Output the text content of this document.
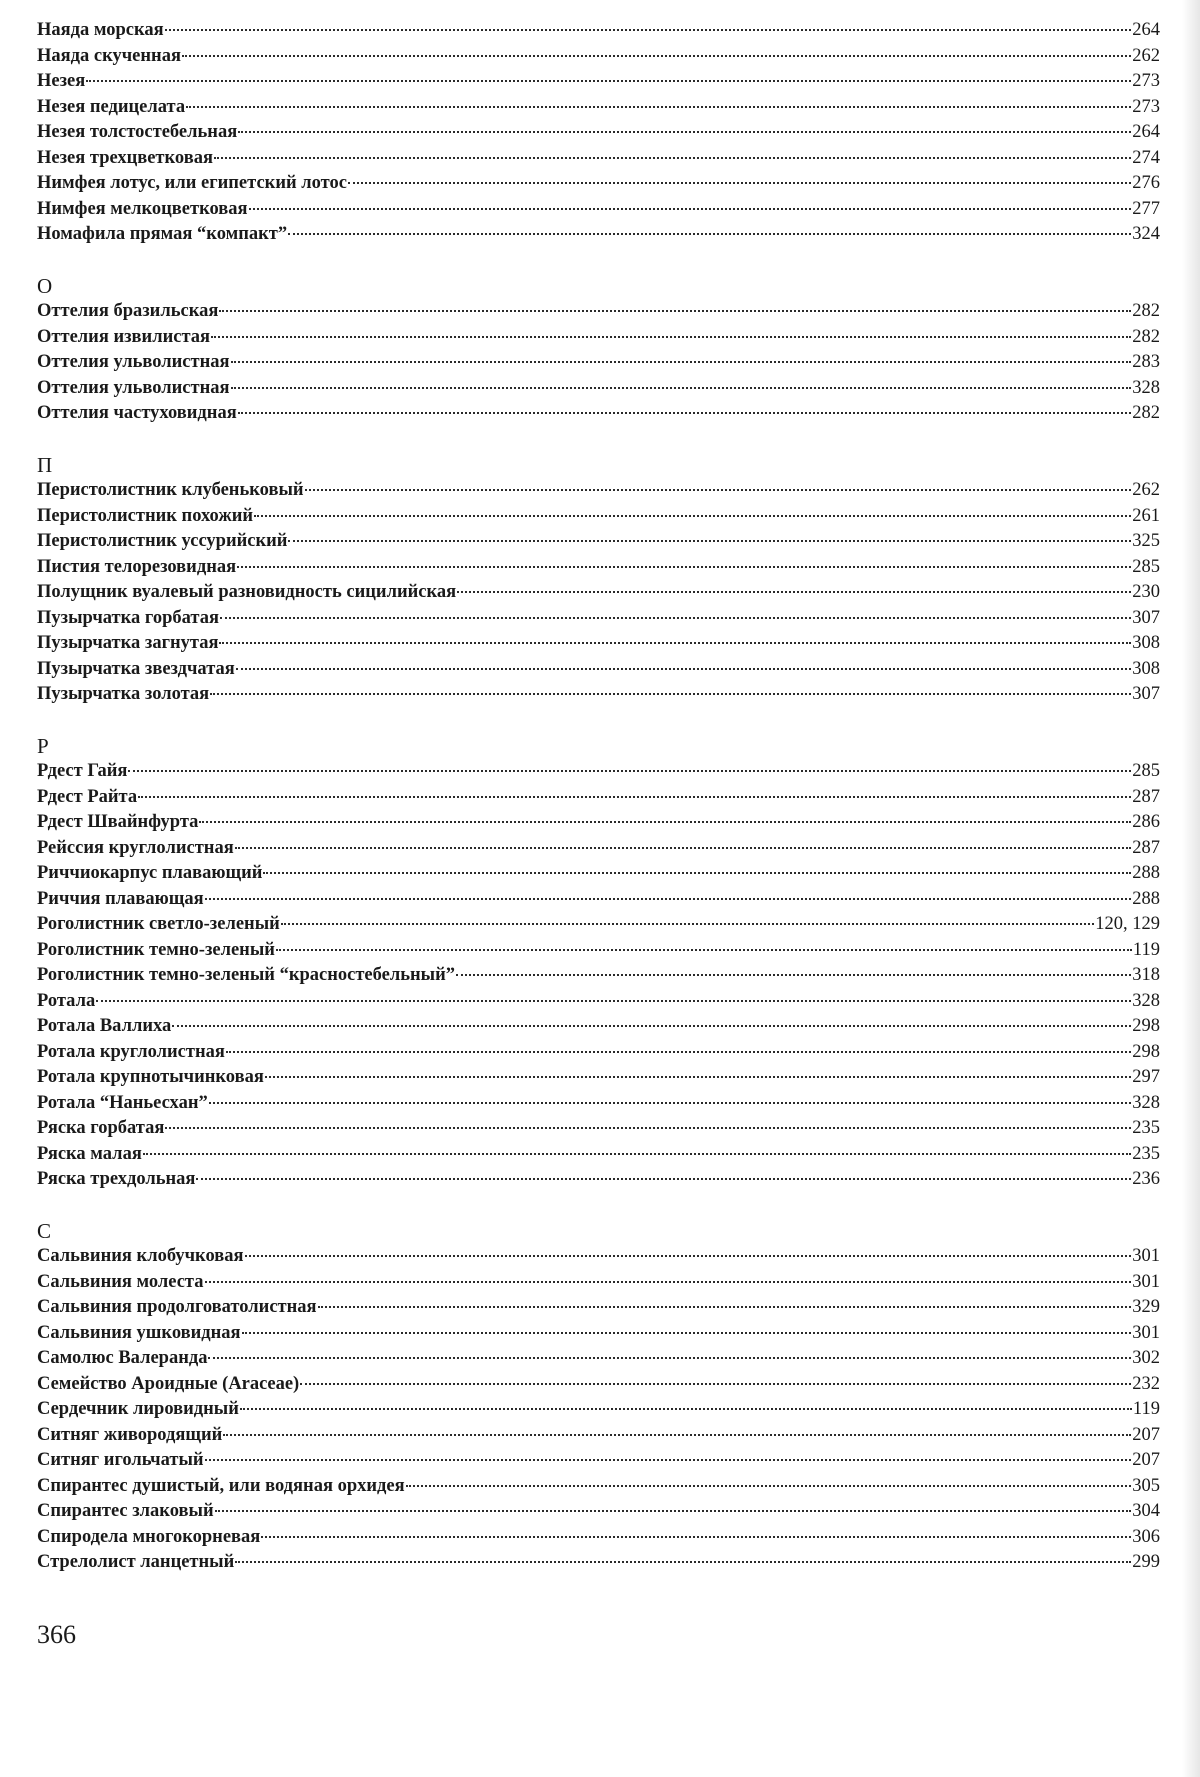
Наяда морская	264
Наяда скученная	262
Незея	273
Незея педицелата	273
Незея толстостебельная	264
Незея трехцветковая	274
Нимфея лотус, или египетский лотос	276
Нимфея мелкоцветковая	277
Номафила прямая “компакт”	324
О
Оттелия бразильская	282
Оттелия извилистая	282
Оттелия ульволистная	283
Оттелия ульволистная	328
Оттелия частуховидная	282
П
Перистолистник клубеньковый	262
Перистолистник похожий	261
Перистолистник уссурийский	325
Пистия телорезовидная	285
Полущник вуалевый разновидность сицилийская	230
Пузырчатка горбатая	307
Пузырчатка загнутая	308
Пузырчатка звездчатая	308
Пузырчатка золотая	307
Р
Рдест Гайя	285
Рдест Райта	287
Рдест Швайнфурта	286
Рейссия круглолистная	287
Риччиокарпус плавающий	288
Риччия плавающая	288
Роголистник светло-зеленый	120, 129
Роголистник темно-зеленый	119
Роголистник темно-зеленый “красностебельный”	318
Ротала	328
Ротала Валлиха	298
Ротала круглолистная	298
Ротала крупнотычинковая	297
Ротала “Наньесхан”	328
Ряска горбатая	235
Ряска малая	235
Ряска трехдольная	236
С
Сальвиния клобучковая	301
Сальвиния молеста	301
Сальвиния продолговатолистная	329
Сальвиния ушковидная	301
Самолюс Валеранда	302
Семейство Ароидные (Araceae)	232
Сердечник лировидный	119
Ситняг живородящий	207
Ситняг игольчатый	207
Спирантес душистый, или водяная орхидея	305
Спирантес злаковый	304
Спиродела многокорневая	306
Стрелолист ланцетный	299
366
